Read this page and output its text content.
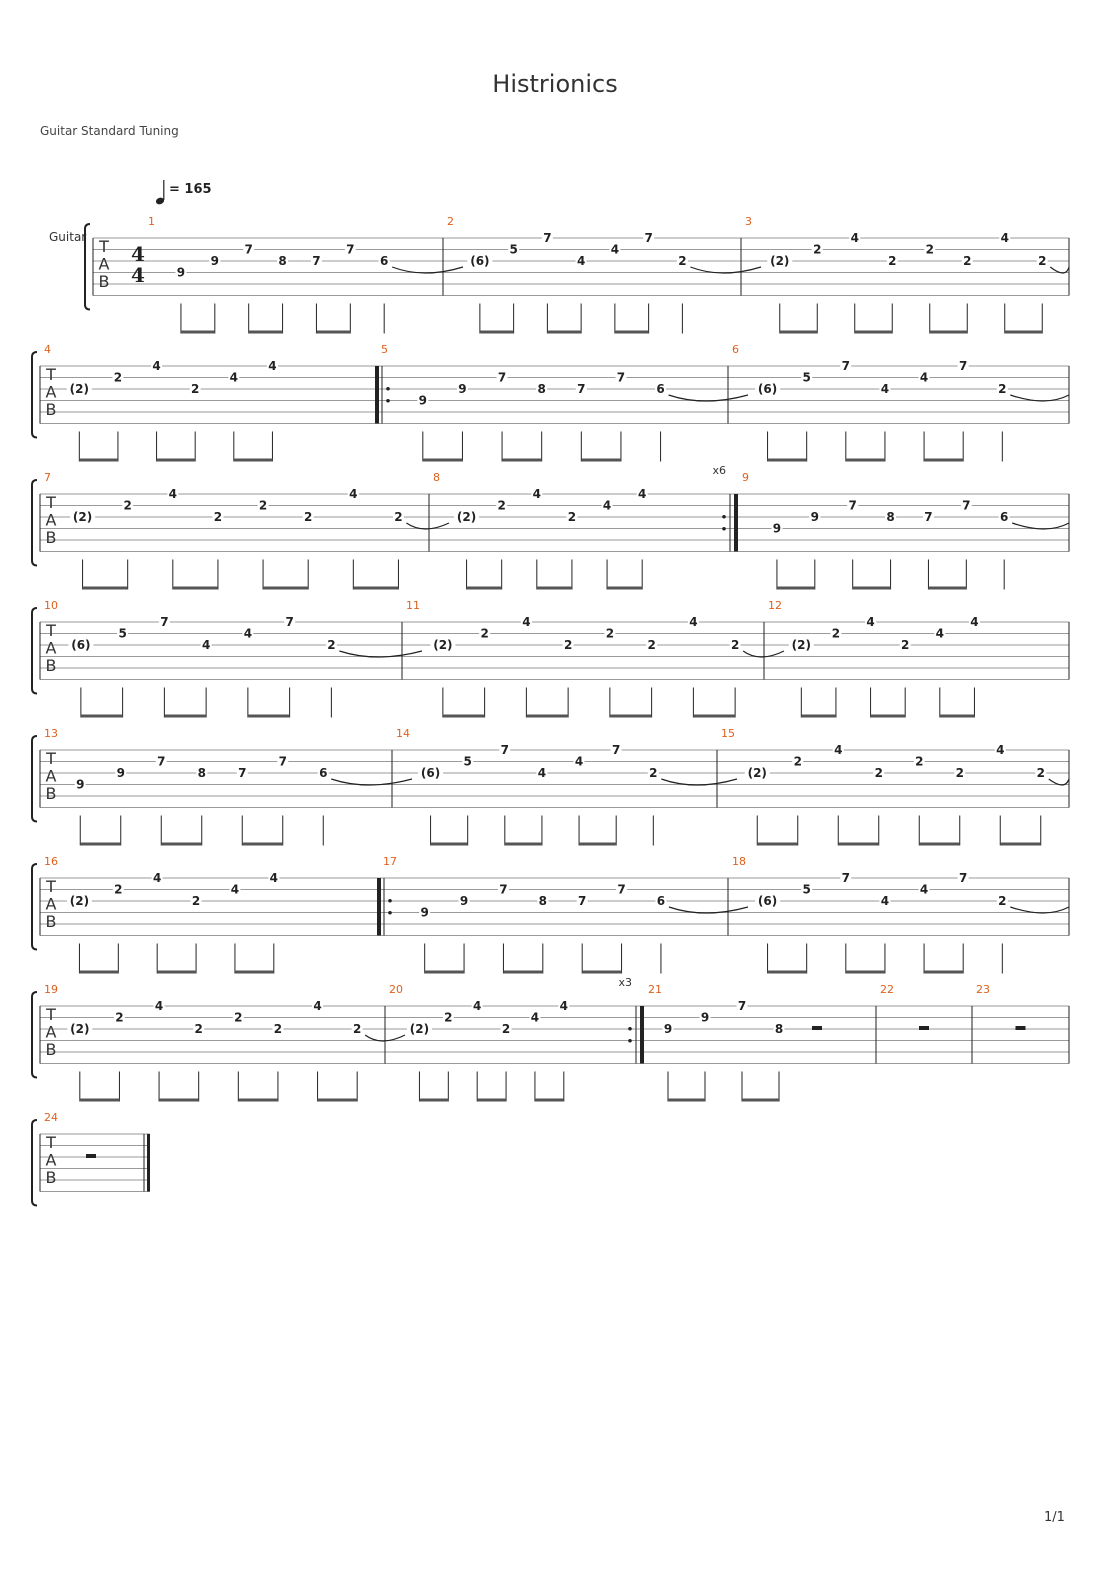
Histrionics
Guitar Standard Tuning
1/1
Guitar
= 165
T
A
B
1
4
4	9
9
7
8 7
7
6
2
(6)
5
7
4
4
7
2
3
(2)
2
4
2
2
2
4
2
T
A
B
4
(2)
2
4
2
4
4
5
9
9
7
8	7
7
6
6
(6)
5
7
4
4
7
2
T
A
B
7
(2)
2
4
2
2
2
4
2
8
x6
(2)
2
4
2
4
4
9
9
9
7
8 7
7
6
T
A
B
10
(6)
5
7
4
4
7
2
11
(2)
2
4
2
2
2
4
2
12
(2)
2
4
2
4
4
T
A
B
13
9
9
7
8	7
7
6
14
(6)
5
7
4
4
7
2
15
(2)
2
4
2
2
2
4
2
T
A
B
16
(2)
2
4
2
4
4
17
9
9
7
8	7
7
6
18
(6)
5
7
4
4
7
2
T
A
B
19
(2)
2
4
2
2
2
4
2
20
x3
(2)
2
4
2
4
4
21
9
9
7
8
22	23
T
A
B
24
